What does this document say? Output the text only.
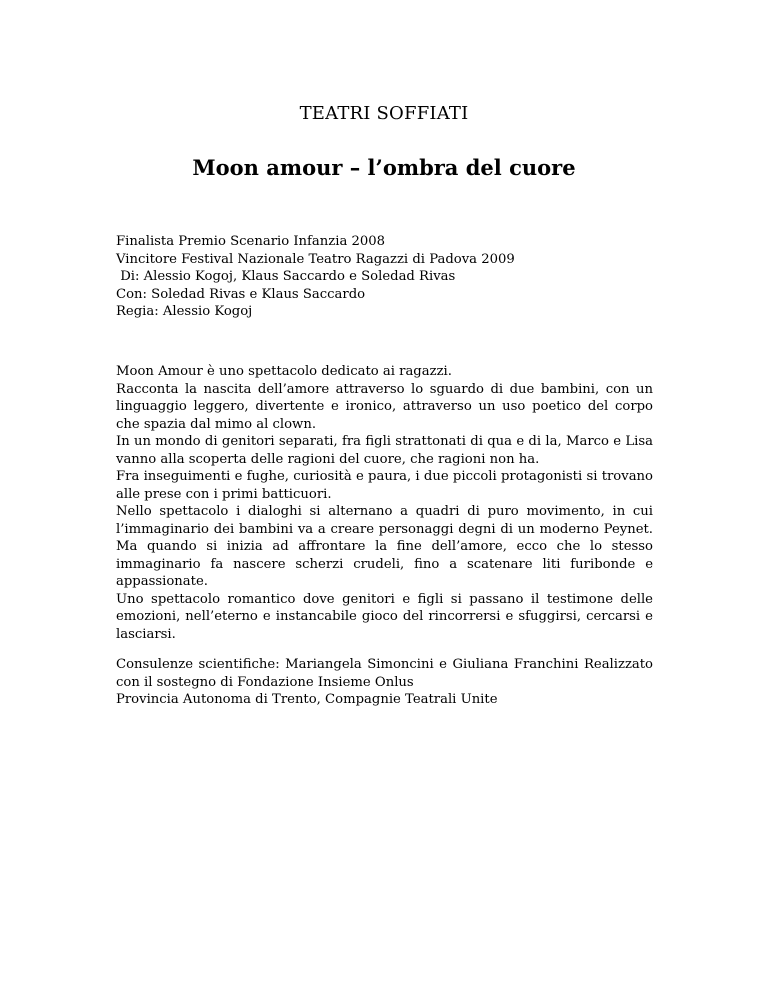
TEATRI SOFFIATI
Moon amour – l’ombra del cuore
Finalista Premio Scenario Infanzia 2008
Vincitore Festival Nazionale Teatro Ragazzi di Padova 2009
Di: Alessio Kogoj, Klaus Saccardo e Soledad Rivas
Con: Soledad Rivas e Klaus Saccardo
Regia: Alessio Kogoj
Moon Amour è uno spettacolo dedicato ai ragazzi.
Racconta la nascita dell’amore attraverso lo sguardo di due bambini, con un linguaggio leggero, divertente e ironico, attraverso un uso poetico del corpo che spazia dal mimo al clown.
In un mondo di genitori separati, fra figli strattonati di qua e di la, Marco e Lisa vanno alla scoperta delle ragioni del cuore, che ragioni non ha.
Fra inseguimenti e fughe, curiosità e paura, i due piccoli protagonisti si trovano alle prese con i primi batticuori.
Nello spettacolo i dialoghi si alternano a quadri di puro movimento, in cui l’immaginario dei bambini va a creare personaggi degni di un moderno Peynet. Ma quando si inizia ad affrontare la fine dell’amore, ecco che lo stesso immaginario fa nascere scherzi crudeli, fino a scatenare liti furibonde e appassionate.
Uno spettacolo romantico dove genitori e figli si passano il testimone delle emozioni, nell’eterno e instancabile gioco del rincorrersi e sfuggirsi, cercarsi e lasciarsi.
Consulenze scientifiche: Mariangela Simoncini e Giuliana Franchini Realizzato con il sostegno di Fondazione Insieme Onlus
Provincia Autonoma di Trento, Compagnie Teatrali Unite
